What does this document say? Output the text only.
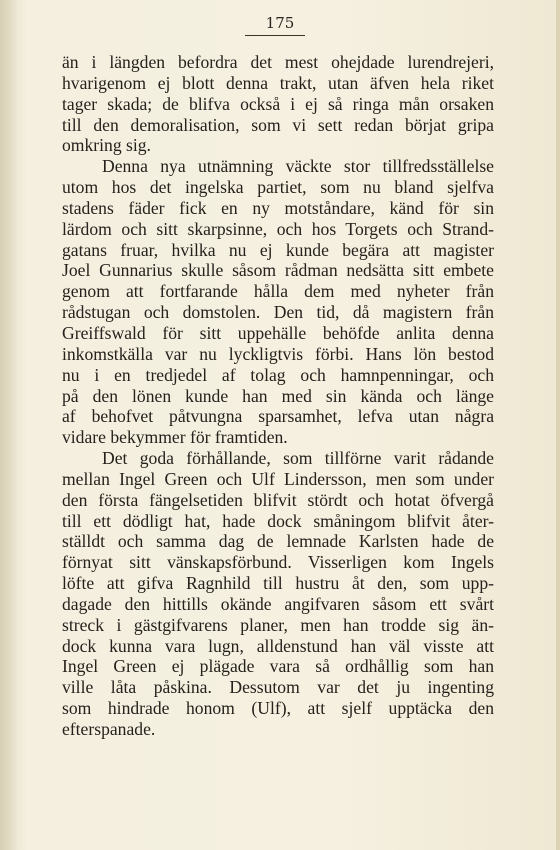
175
än i längden befordra det mest ohejdade lurendrejeri,
hvarigenom ej blott denna trakt, utan äfven hela riket
tager skada; de blifva också i ej så ringa mån orsaken
till den demoralisation, som vi sett redan börjat gripa
omkring sig.
Denna nya utnämning väckte stor tillfredsställelse
utom hos det ingelska partiet, som nu bland sjelfva
stadens fäder fick en ny motståndare, känd för sin
lärdom och sitt skarpsinne, och hos Torgets och Strand-
gatans fruar, hvilka nu ej kunde begära att magister
Joel Gunnarius skulle såsom rådman nedsätta sitt embete
genom att fortfarande hålla dem med nyheter från
rådstugan och domstolen. Den tid, då magistern från
Greiffswald för sitt uppehälle behöfde anlita denna
inkomstkälla var nu lyckligtvis förbi. Hans lön bestod
nu i en tredjedel af tolag och hamnpenningar, och
på den lönen kunde han med sin kända och länge
af behofvet påtvungna sparsamhet, lefva utan några
vidare bekymmer för framtiden.
Det goda förhållande, som tillförne varit rådande
mellan Ingel Green och Ulf Lindersson, men som under
den första fängelsetiden blifvit stördt och hotat öfvergå
till ett dödligt hat, hade dock småningom blifvit åter-
ställdt och samma dag de lemnade Karlsten hade de
förnyat sitt vänskapsförbund. Visserligen kom Ingels
löfte att gifva Ragnhild till hustru åt den, som upp-
dagade den hittills okände angifvaren såsom ett svårt
streck i gästgifvarens planer, men han trodde sig än-
dock kunna vara lugn, alldenstund han väl visste att
Ingel Green ej plägade vara så ordhållig som han
ville låta påskina. Dessutom var det ju ingenting
som hindrade honom (Ulf), att sjelf upptäcka den
efterspanade.
